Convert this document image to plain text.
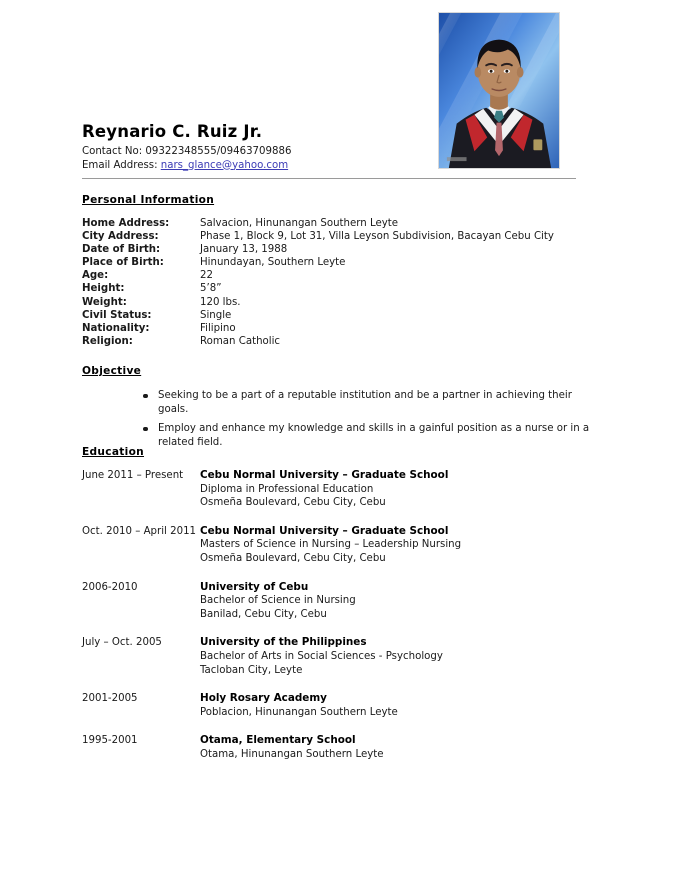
Reynario C. Ruiz Jr.
Contact No: 09322348555/09463709886
Email Address: nars_glance@yahoo.com
Personal Information
Home Address:	Salvacion, Hinunangan Southern Leyte
City Address:	Phase 1, Block 9, Lot 31, Villa Leyson Subdivision, Bacayan Cebu City
Date of Birth:	January 13, 1988
Place of Birth:	Hinundayan, Southern Leyte
Age:	22
Height:	5’8”
Weight:	120 lbs.
Civil Status:	Single
Nationality:	Filipino
Religion:	Roman Catholic
Objective
Seeking to be a part of a reputable institution and be a partner in achieving their goals.
Employ and enhance my knowledge and skills in a gainful position as a nurse or in a related field.
Education
June 2011 – Present	Cebu Normal University – Graduate School
Diploma in Professional Education
Osmeña Boulevard, Cebu City, Cebu
Oct. 2010 – April 2011 Cebu Normal University – Graduate School
Masters of Science in Nursing – Leadership Nursing
Osmeña Boulevard, Cebu City, Cebu
2006-2010	University of Cebu
Bachelor of Science in Nursing
Banilad, Cebu City, Cebu
July – Oct. 2005	University of the Philippines
Bachelor of Arts in Social Sciences - Psychology
Tacloban City, Leyte
2001-2005	Holy Rosary Academy
Poblacion, Hinunangan Southern Leyte
1995-2001	Otama, Elementary School
Otama, Hinunangan Southern Leyte
